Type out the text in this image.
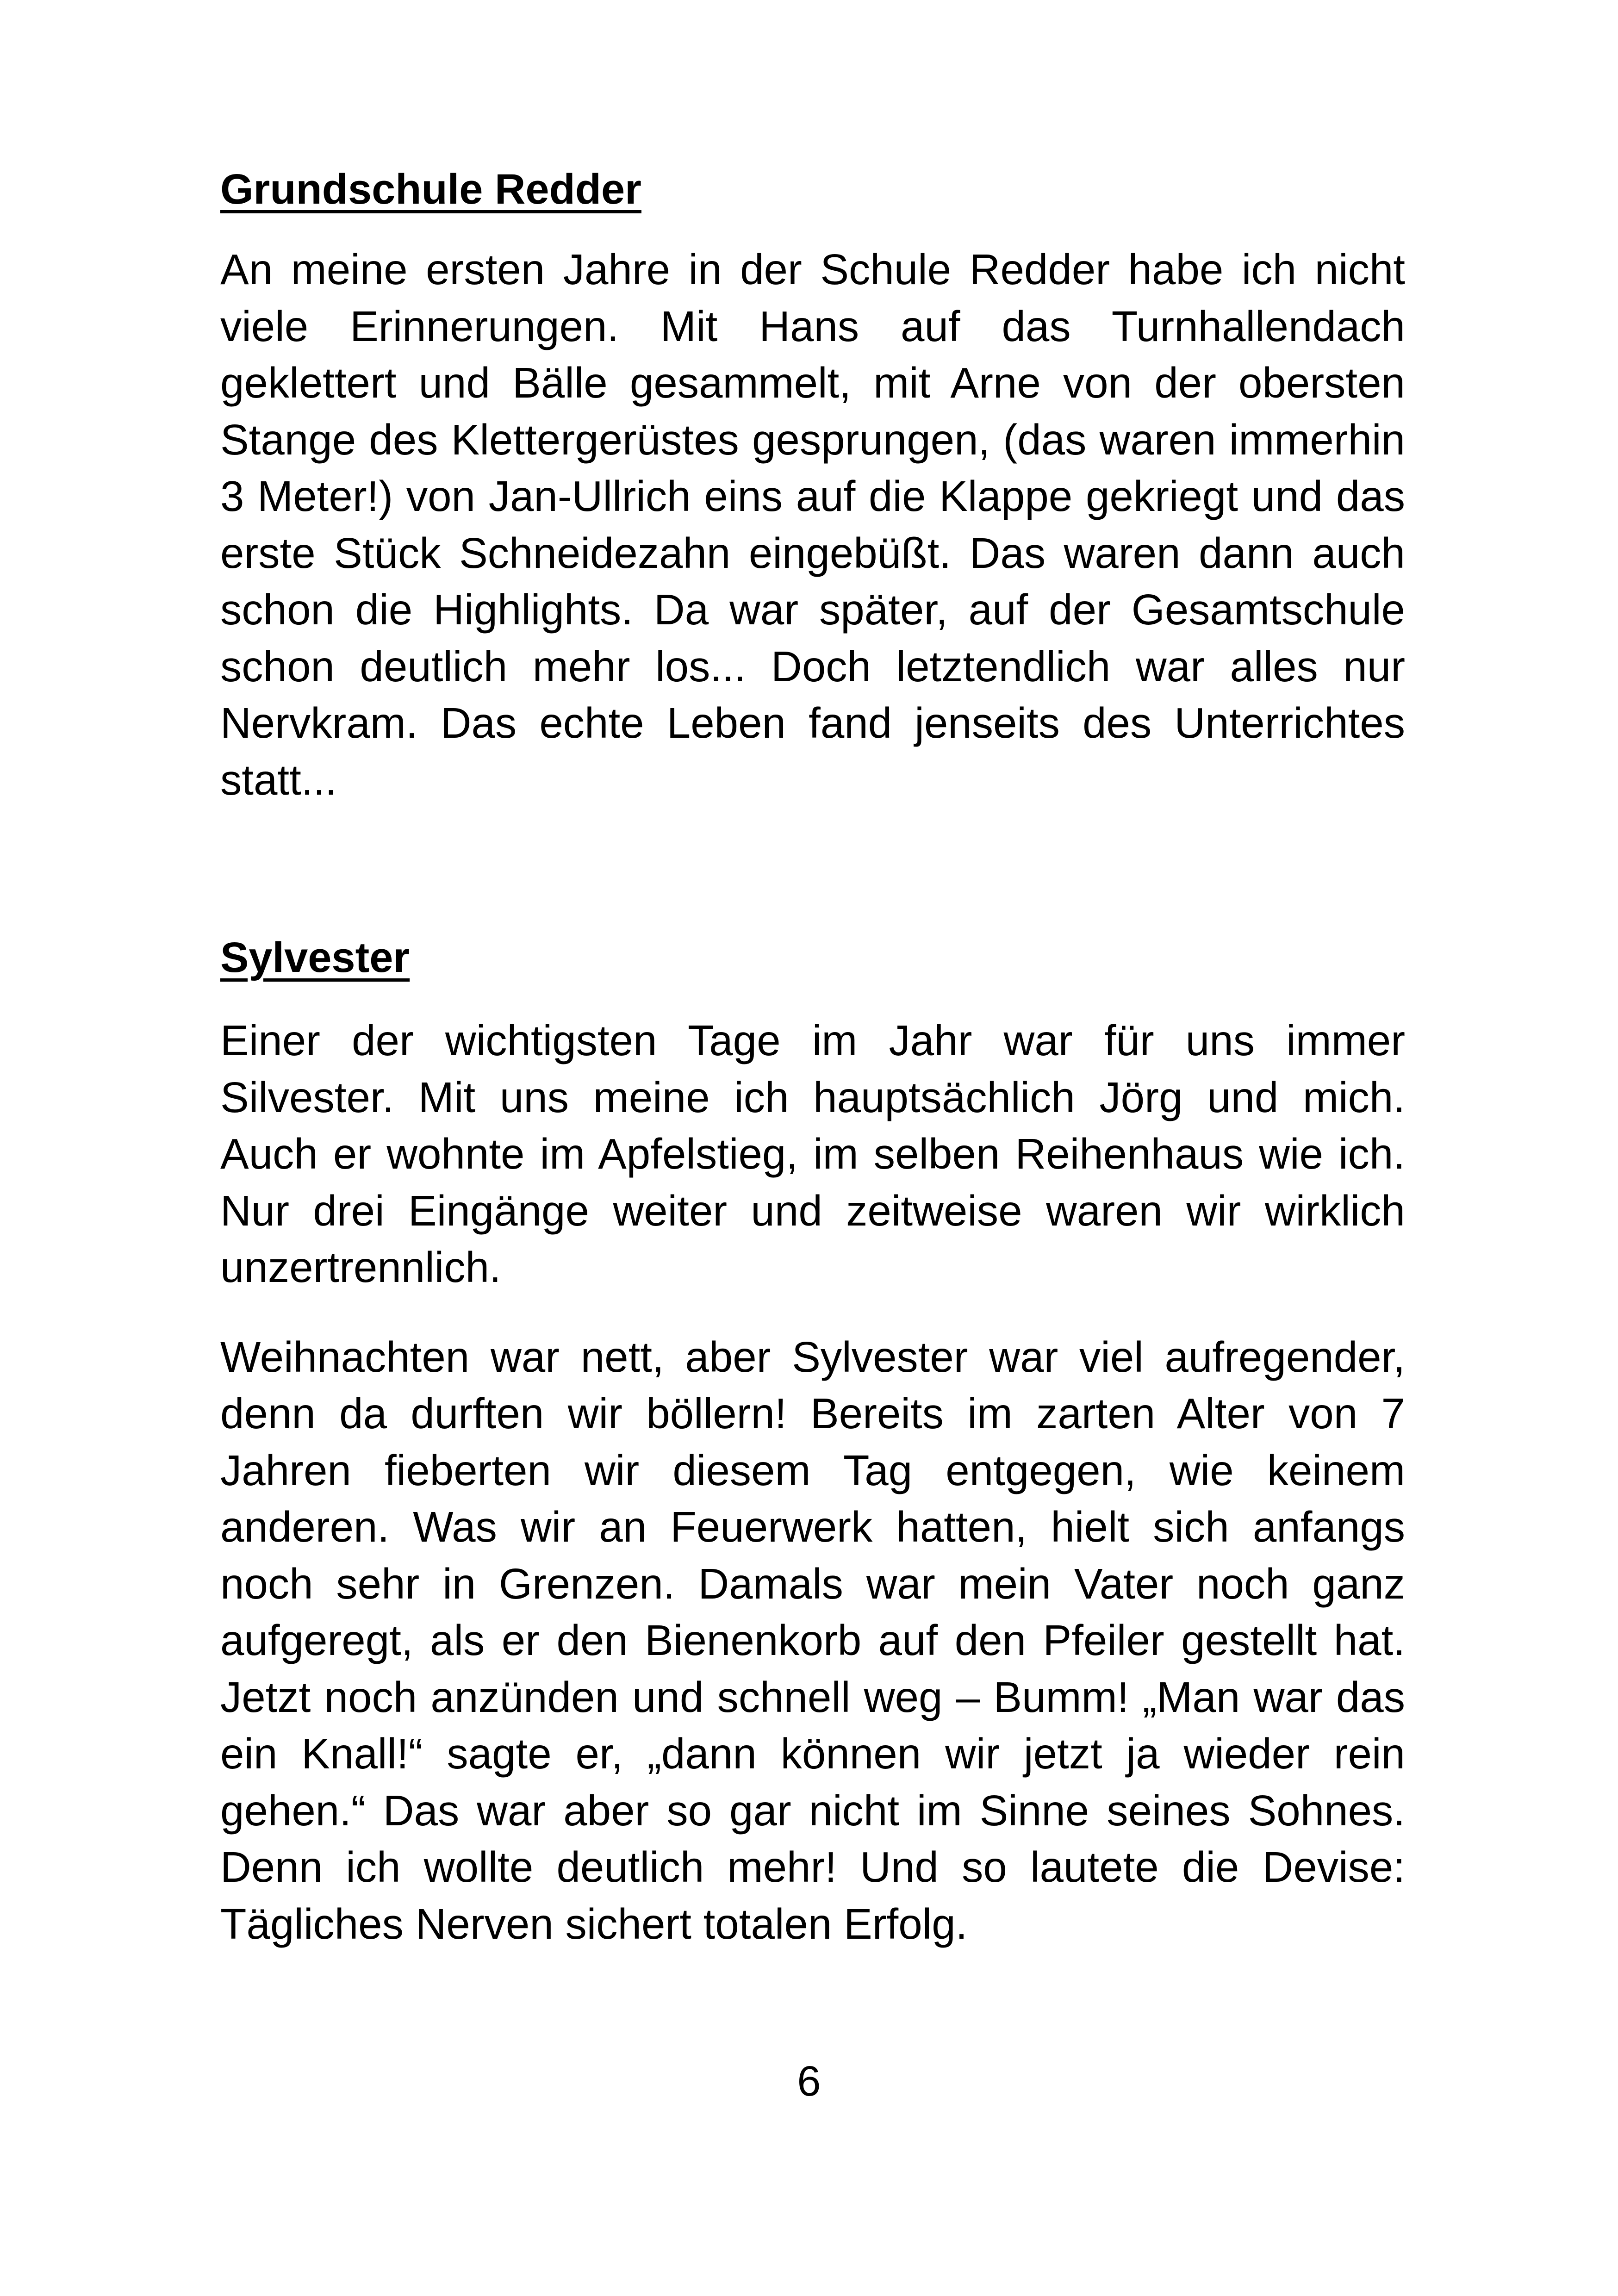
Grundschule Redder

An meine ersten Jahre in der Schule Redder habe ich nicht viele Erinnerungen. Mit Hans auf das Turnhallendach geklettert und Bälle gesammelt, mit Arne von der obersten Stange des Klettergerüstes gesprungen, (das waren immerhin 3 Meter!) von Jan-Ullrich eins auf die Klappe gekriegt und das erste Stück Schneidezahn eingebüßt. Das waren dann auch schon die Highlights. Da war später, auf der Gesamtschule schon deutlich mehr los... Doch letztendlich war alles nur Nervkram. Das echte Leben fand jenseits des Unterrichtes statt...

Sylvester

Einer der wichtigsten Tage im Jahr war für uns immer Silvester. Mit uns meine ich hauptsächlich Jörg und mich. Auch er wohnte im Apfelstieg, im selben Reihenhaus wie ich. Nur drei Eingänge weiter und zeitweise waren wir wirklich unzertrennlich.

Weihnachten war nett, aber Sylvester war viel aufregender, denn da durften wir böllern! Bereits im zarten Alter von 7 Jahren fieberten wir diesem Tag entgegen, wie keinem anderen. Was wir an Feuerwerk hatten, hielt sich anfangs noch sehr in Grenzen. Damals war mein Vater noch ganz aufgeregt, als er den Bienenkorb auf den Pfeiler gestellt hat. Jetzt noch anzünden und schnell weg – Bumm! „Man war das ein Knall!“ sagte er, „dann können wir jetzt ja wieder rein gehen.“ Das war aber so gar nicht im Sinne seines Sohnes. Denn ich wollte deutlich mehr! Und so lautete die Devise: Tägliches Nerven sichert totalen Erfolg.

6
